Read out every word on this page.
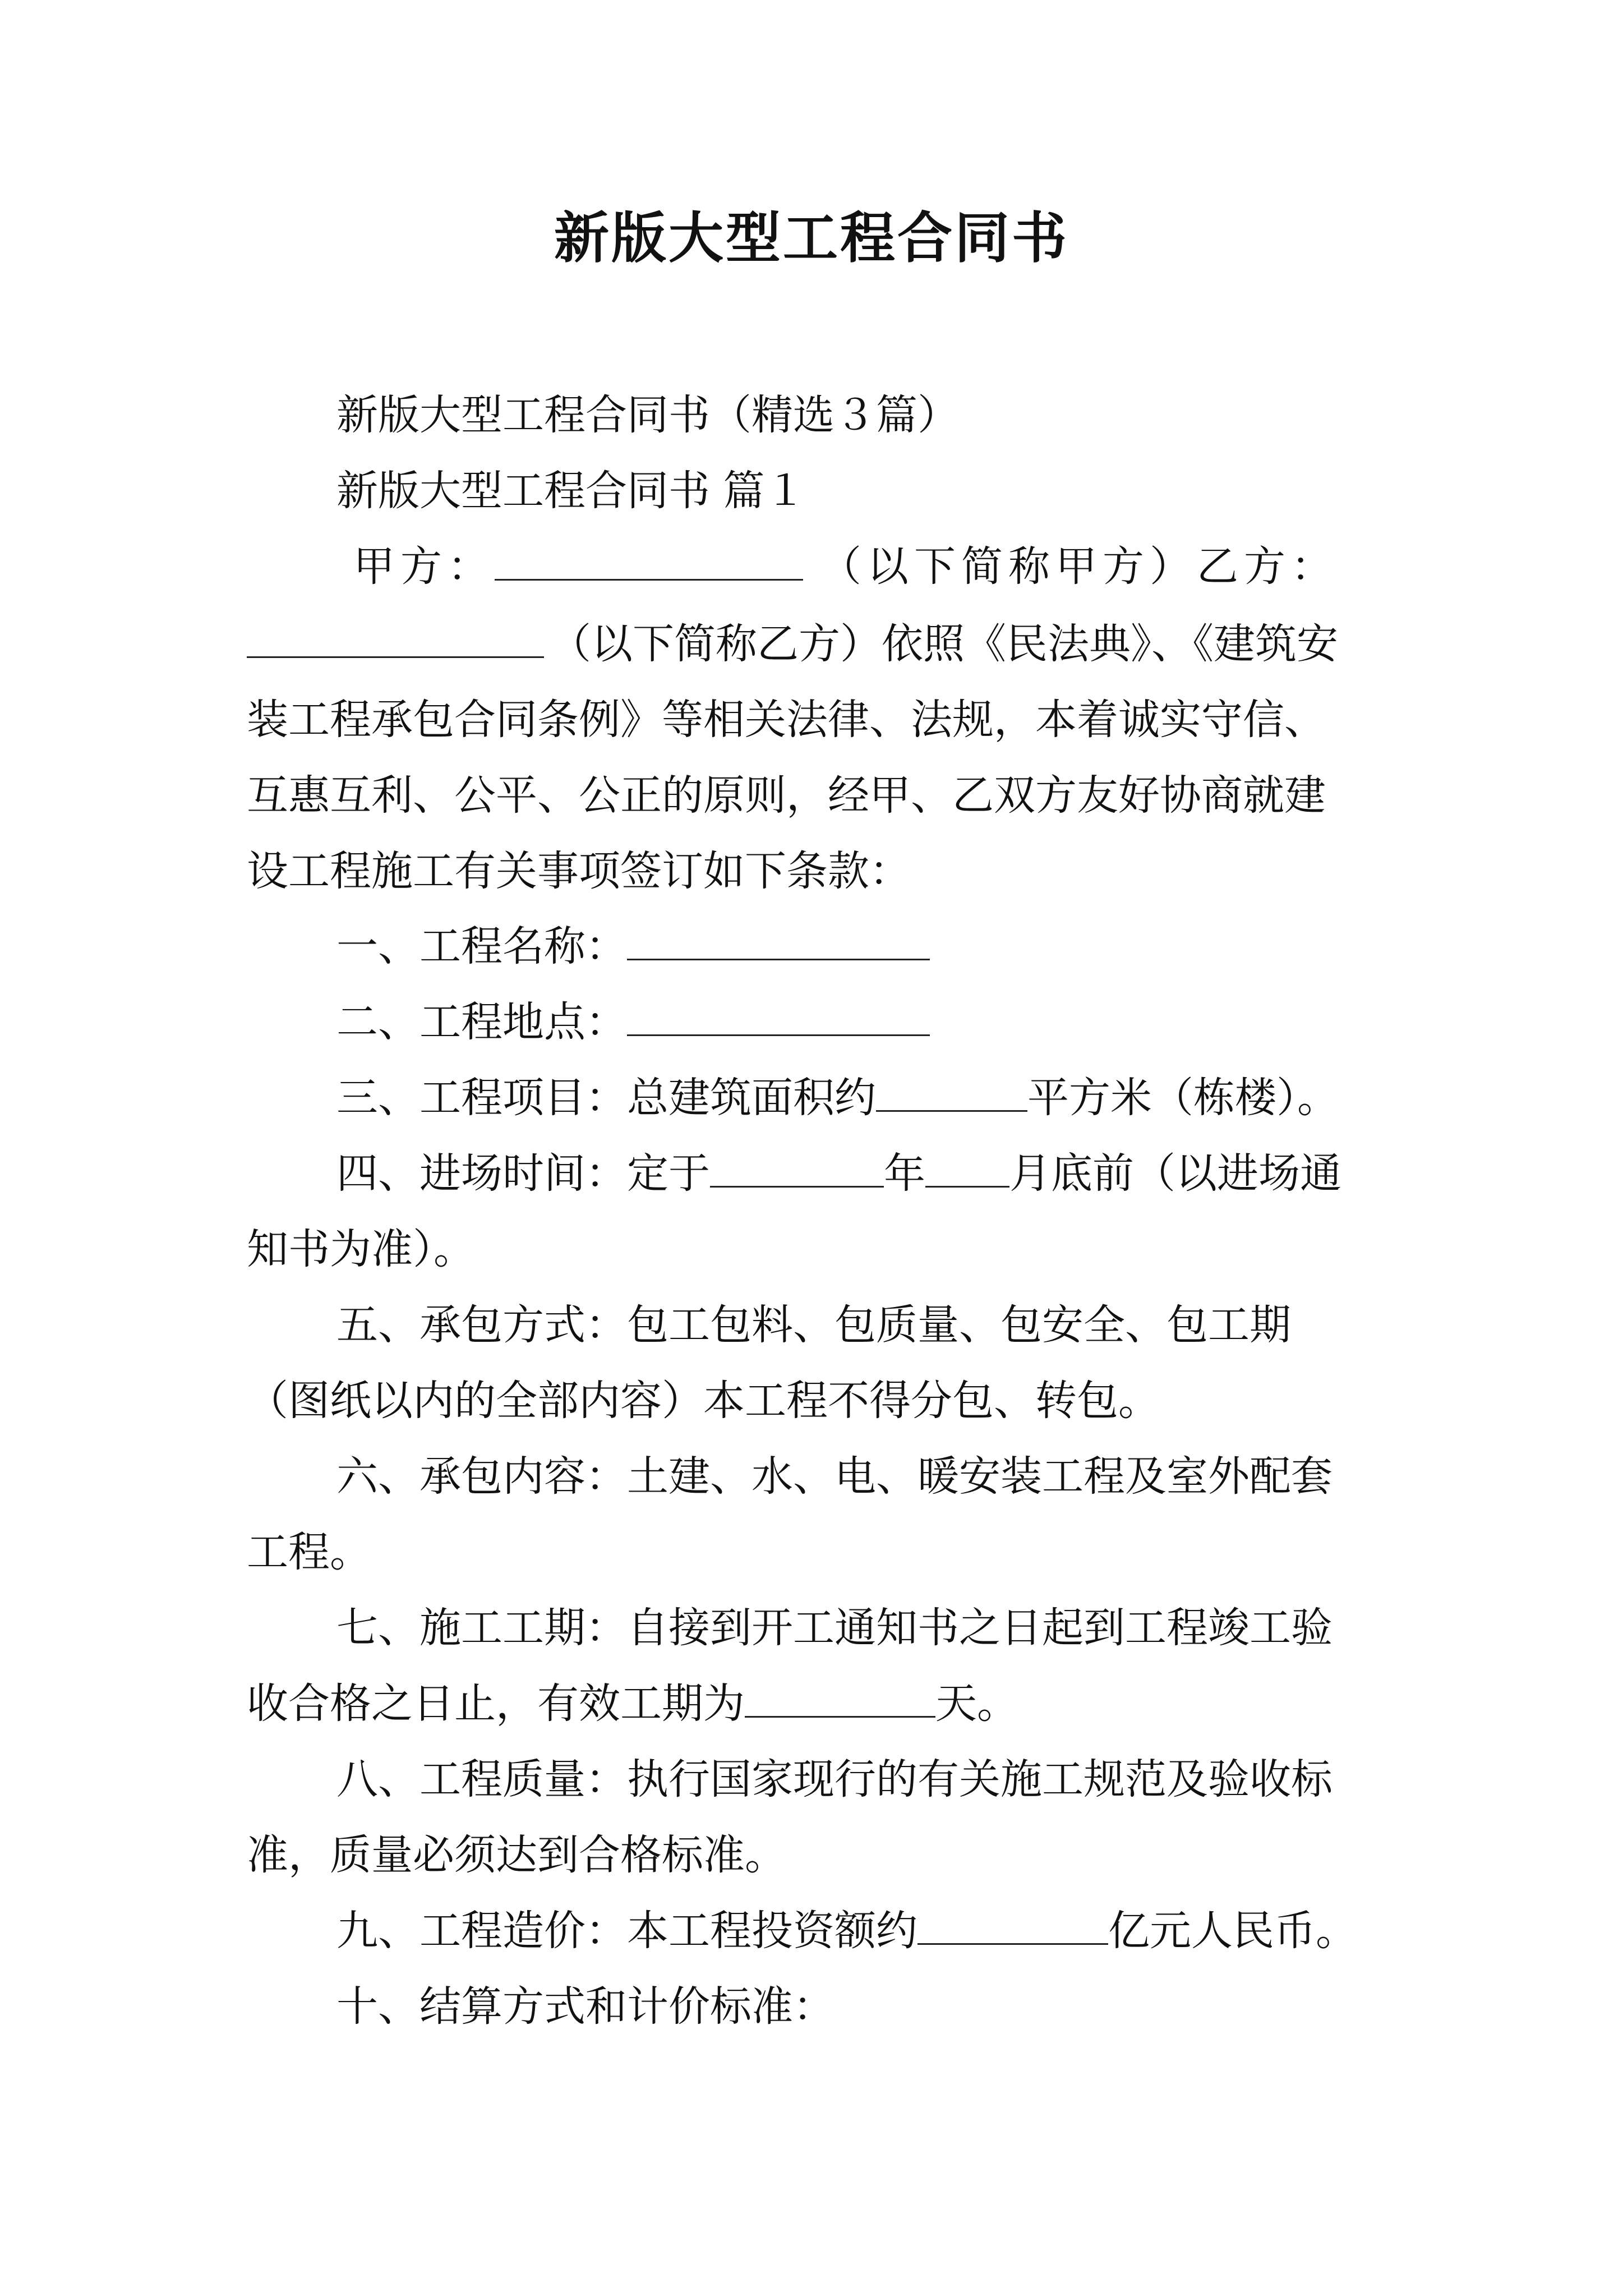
新版大型工程合同书

新版大型工程合同书（精选３篇）

新版大型工程合同书 篇１

甲方：	（以下简称甲方）乙方：

（以下简称乙方）依照《民法典》、《建筑安

装工程承包合同条例》等相关法律、法规，本着诚实守信、

互惠互利、公平、公正的原则，经甲、乙双方友好协商就建

设工程施工有关事项签订如下条款：

一、工程名称：

二、工程地点：

三、工程项目：总建筑面积约	平方米（栋楼）。

四、进场时间：定于	年 月底前（以进场通

知书为准）。

五、承包方式：包工包料、包质量、包安全、包工期

（图纸以内的全部内容）本工程不得分包、转包。

六、承包内容：土建、水、电、暖安装工程及室外配套

工程。

七、施工工期：自接到开工通知书之日起到工程竣工验

收合格之日止，有效工期为	天。

八、工程质量：执行国家现行的有关施工规范及验收标

准，质量必须达到合格标准。

九、工程造价：本工程投资额约	亿元人民币。

十、结算方式和计价标准：
